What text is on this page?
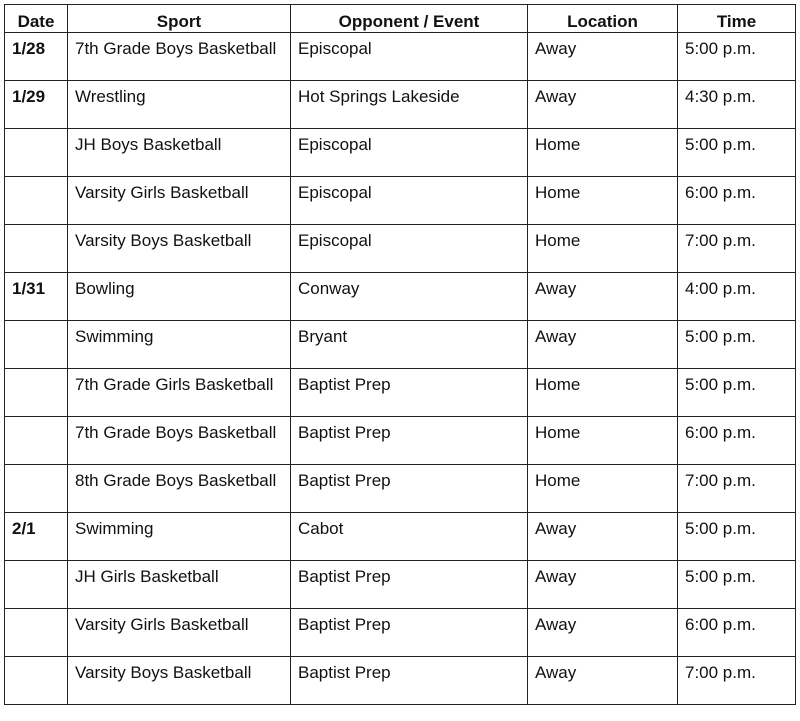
Date	Sport	Opponent / Event	Location	Time
1/28	7th Grade Boys Basketball	Episcopal	Away	5:00 p.m.
1/29	Wrestling	Hot Springs Lakeside	Away	4:30 p.m.
	JH Boys Basketball	Episcopal	Home	5:00 p.m.
	Varsity Girls Basketball	Episcopal	Home	6:00 p.m.
	Varsity Boys Basketball	Episcopal	Home	7:00 p.m.
1/31	Bowling	Conway	Away	4:00 p.m.
	Swimming	Bryant	Away	5:00 p.m.
	7th Grade Girls Basketball	Baptist Prep	Home	5:00 p.m.
	7th Grade Boys Basketball	Baptist Prep	Home	6:00 p.m.
	8th Grade Boys Basketball	Baptist Prep	Home	7:00 p.m.
2/1	Swimming	Cabot	Away	5:00 p.m.
	JH Girls Basketball	Baptist Prep	Away	5:00 p.m.
	Varsity Girls Basketball	Baptist Prep	Away	6:00 p.m.
	Varsity Boys Basketball	Baptist Prep	Away	7:00 p.m.
